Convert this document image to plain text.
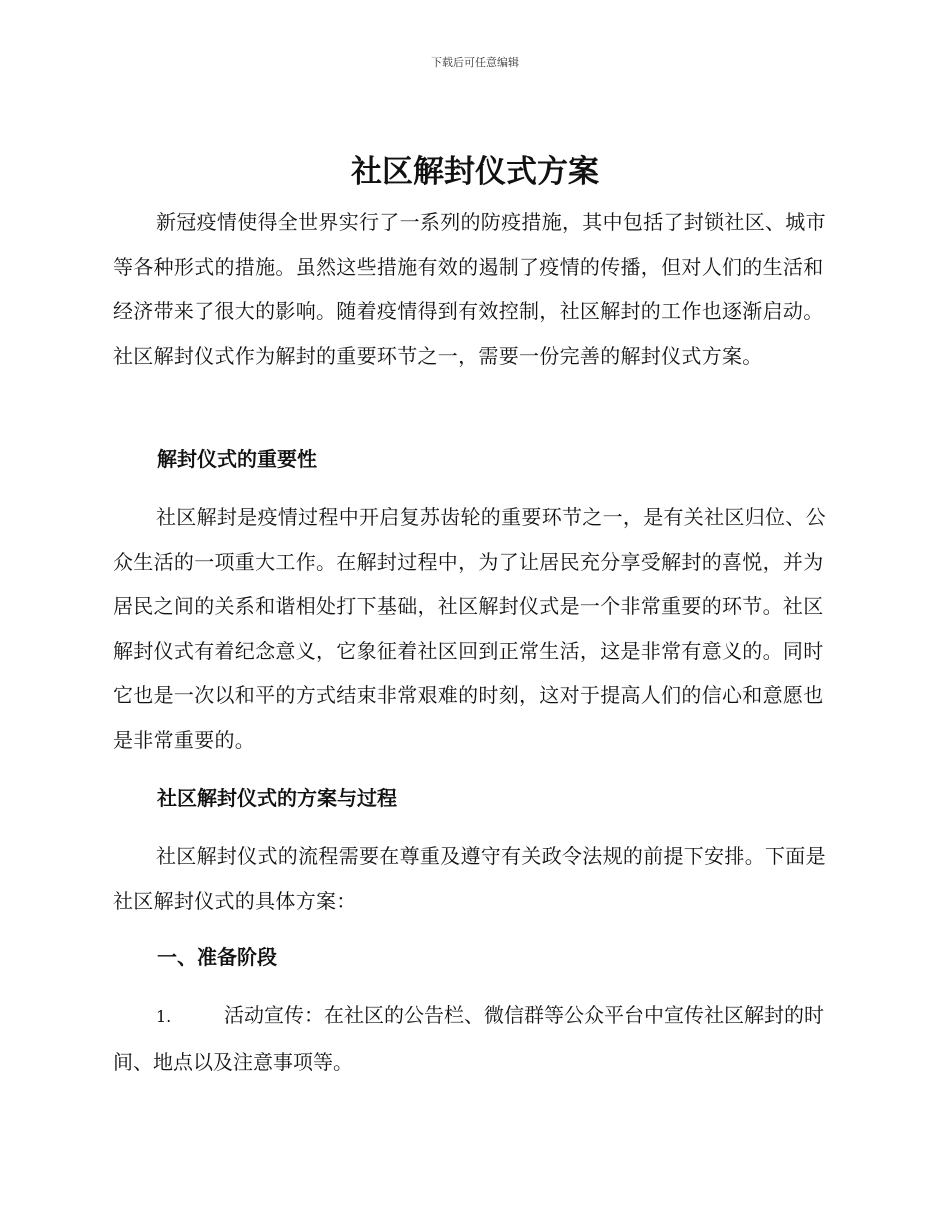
下载后可任意编辑
社区解封仪式方案

新冠疫情使得全世界实行了一系列的防疫措施，其中包括了封锁社区、城市等各种形式的措施。虽然这些措施有效的遏制了疫情的传播，但对人们的生活和经济带来了很大的影响。随着疫情得到有效控制，社区解封的工作也逐渐启动。社区解封仪式作为解封的重要环节之一，需要一份完善的解封仪式方案。

解封仪式的重要性

社区解封是疫情过程中开启复苏齿轮的重要环节之一，是有关社区归位、公众生活的一项重大工作。在解封过程中，为了让居民充分享受解封的喜悦，并为居民之间的关系和谐相处打下基础，社区解封仪式是一个非常重要的环节。社区解封仪式有着纪念意义，它象征着社区回到正常生活，这是非常有意义的。同时它也是一次以和平的方式结束非常艰难的时刻，这对于提高人们的信心和意愿也是非常重要的。

社区解封仪式的方案与过程

社区解封仪式的流程需要在尊重及遵守有关政令法规的前提下安排。下面是社区解封仪式的具体方案：

一、准备阶段

1.	活动宣传：在社区的公告栏、微信群等公众平台中宣传社区解封的时间、地点以及注意事项等。
